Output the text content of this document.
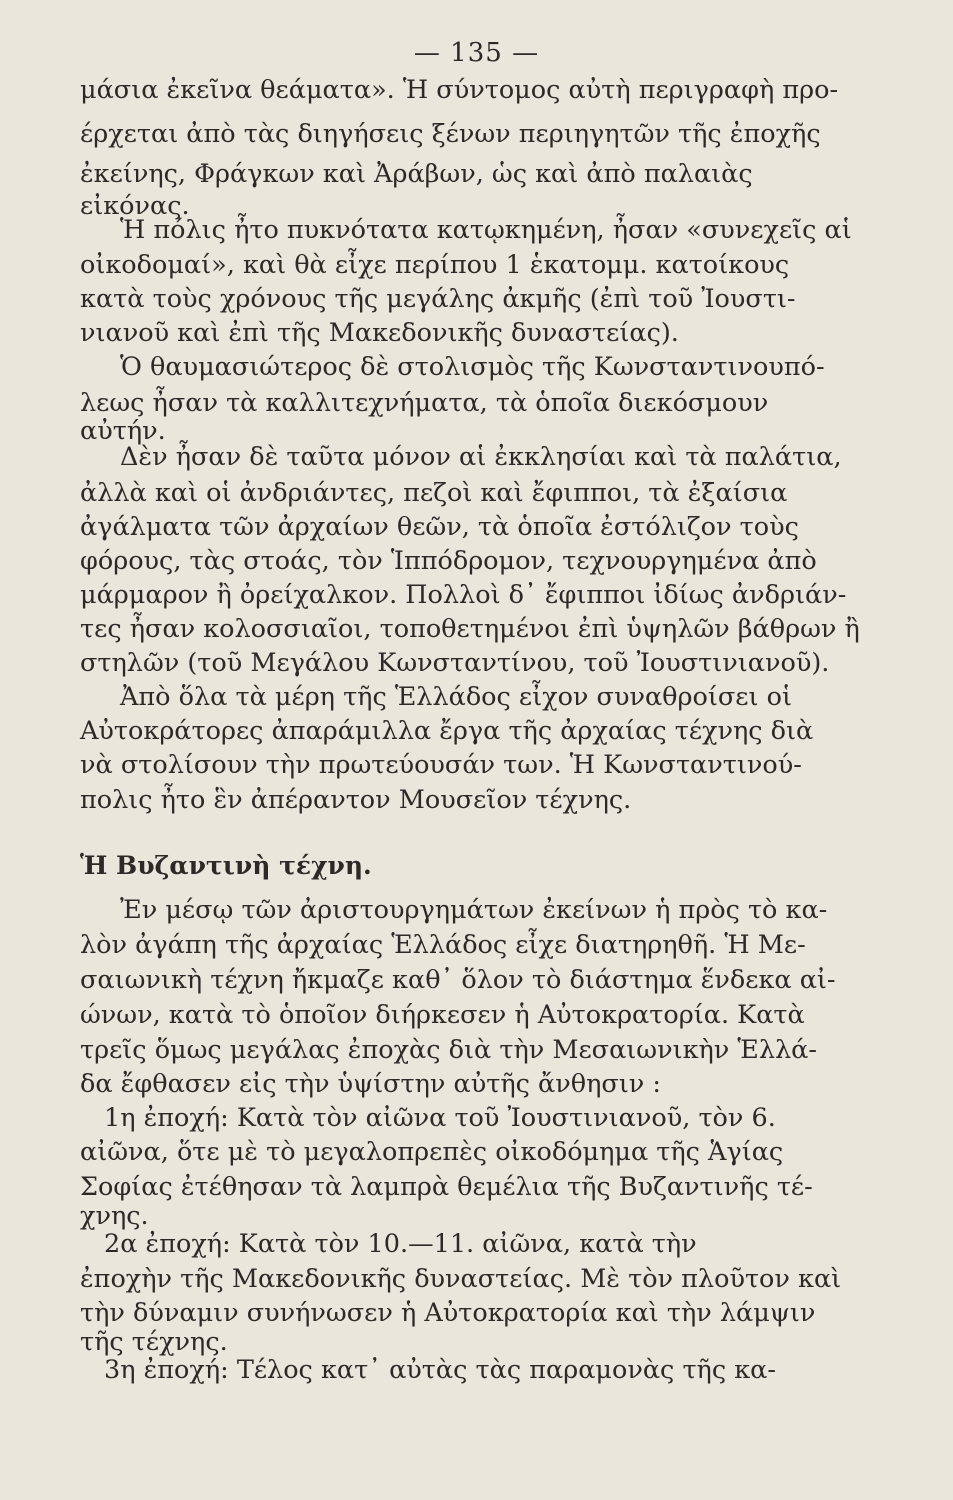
— 135 —
μάσια ἐκεῖνα θεάματα». Ἡ σύντομος αὐτὴ περιγραφὴ προ-
έρχεται ἀπὸ τὰς διηγήσεις ξένων περιηγητῶν τῆς ἐποχῆς
ἐκείνης, Φράγκων καὶ Ἀράβων, ὡς καὶ ἀπὸ παλαιὰς
εἰκόνας.
Ἡ πόλις ἦτο πυκνότατα κατῳκημένη, ἦσαν «συνεχεῖς αἱ
οἰκοδομαί», καὶ θὰ εἶχε περίπου 1 ἑκατομμ. κατοίκους
κατὰ τοὺς χρόνους τῆς μεγάλης ἀκμῆς (ἐπὶ τοῦ Ἰουστι-
νιανοῦ καὶ ἐπὶ τῆς Μακεδονικῆς δυναστείας).
Ὁ θαυμασιώτερος δὲ στολισμὸς τῆς Κωνσταντινουπό-
λεως ἦσαν τὰ καλλιτεχνήματα, τὰ ὁποῖα διεκόσμουν
αὐτήν.
Δὲν ἦσαν δὲ ταῦτα μόνον αἱ ἐκκλησίαι καὶ τὰ παλάτια,
ἀλλὰ καὶ οἱ ἀνδριάντες, πεζοὶ καὶ ἔφιπποι, τὰ ἐξαίσια
ἀγάλματα τῶν ἀρχαίων θεῶν, τὰ ὁποῖα ἐστόλιζον τοὺς
φόρους, τὰς στοάς, τὸν Ἱππόδρομον, τεχνουργημένα ἀπὸ
μάρμαρον ἢ ὀρείχαλκον. Πολλοὶ δ᾽ ἔφιπποι ἰδίως ἀνδριάν-
τες ἦσαν κολοσσιαῖοι, τοποθετημένοι ἐπὶ ὑψηλῶν βάθρων ἢ
στηλῶν (τοῦ Μεγάλου Κωνσταντίνου, τοῦ Ἰουστινιανοῦ).
Ἀπὸ ὅλα τὰ μέρη τῆς Ἑλλάδος εἶχον συναθροίσει οἱ
Αὐτοκράτορες ἀπαράμιλλα ἔργα τῆς ἀρχαίας τέχνης διὰ
νὰ στολίσουν τὴν πρωτεύουσάν των. Ἡ Κωνσταντινού-
πολις ἦτο ἓν ἀπέραντον Μουσεῖον τέχνης.
Ἡ Βυζαντινὴ τέχνη.
Ἐν μέσῳ τῶν ἀριστουργημάτων ἐκείνων ἡ πρὸς τὸ κα-
λὸν ἀγάπη τῆς ἀρχαίας Ἑλλάδος εἶχε διατηρηθῆ. Ἡ Με-
σαιωνικὴ τέχνη ἤκμαζε καθ᾽ ὅλον τὸ διάστημα ἕνδεκα αἰ-
ώνων, κατὰ τὸ ὁποῖον διήρκεσεν ἡ Αὐτοκρατορία. Κατὰ
τρεῖς ὅμως μεγάλας ἐποχὰς διὰ τὴν Μεσαιωνικὴν Ἑλλά-
δα ἔφθασεν εἰς τὴν ὑψίστην αὐτῆς ἄνθησιν :
1η ἐποχή: Κατὰ τὸν αἰῶνα τοῦ Ἰουστινιανοῦ, τὸν 6.
αἰῶνα, ὅτε μὲ τὸ μεγαλοπρεπὲς οἰκοδόμημα τῆς Ἁγίας
Σοφίας ἐτέθησαν τὰ λαμπρὰ θεμέλια τῆς Βυζαντινῆς τέ-
χνης.
2α ἐποχή: Κατὰ τὸν 10.—11. αἰῶνα, κατὰ τὴν
ἐποχὴν τῆς Μακεδονικῆς δυναστείας. Μὲ τὸν πλοῦτον καὶ
τὴν δύναμιν συνήνωσεν ἡ Αὐτοκρατορία καὶ τὴν λάμψιν
τῆς τέχνης.
3η ἐποχή: Τέλος κατ᾽ αὐτὰς τὰς παραμονὰς τῆς κα-
